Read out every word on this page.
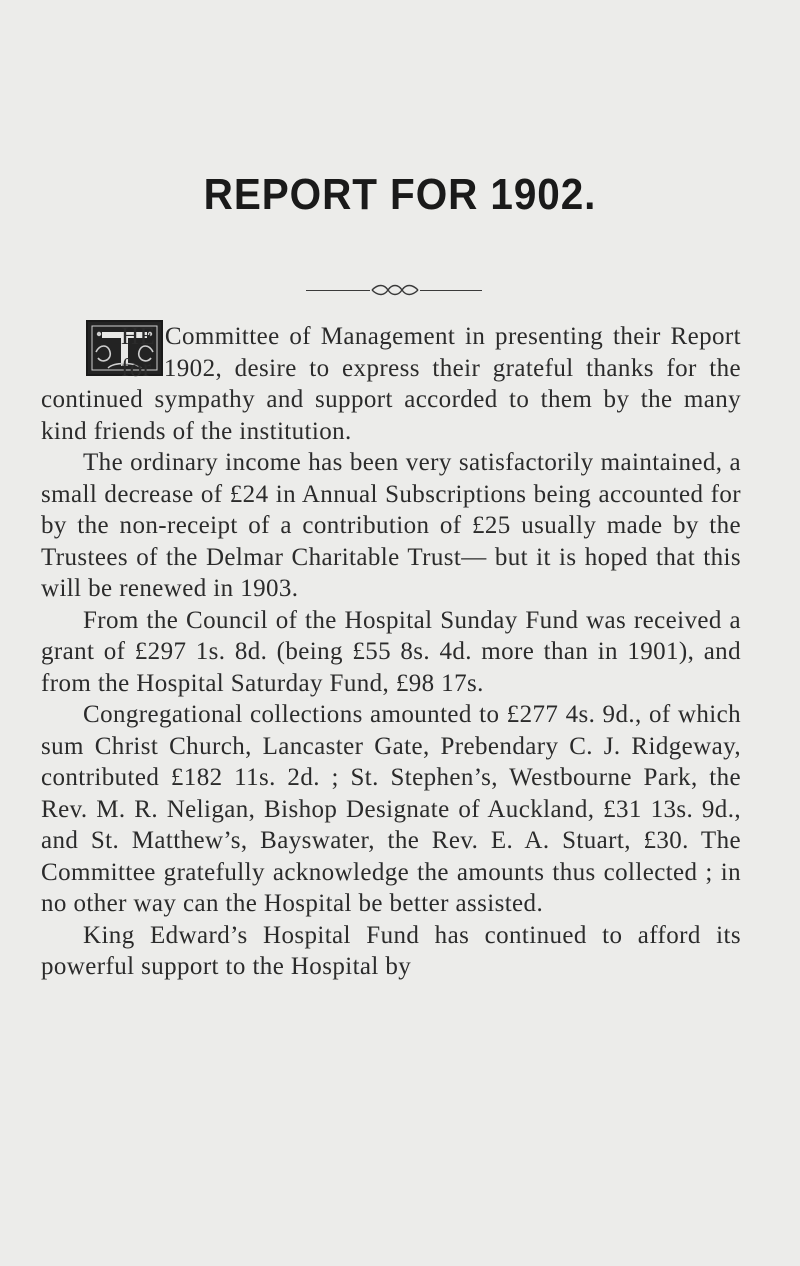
REPORT FOR 1902.

HE Committee of Management in presenting their Report for 1902, desire to express their grateful thanks for the continued sympathy and support accorded to them by the many kind friends of the institution.

The ordinary income has been very satisfactorily maintained, a small decrease of £24 in Annual Subscriptions being accounted for by the non-receipt of a contribution of £25 usually made by the Trustees of the Delmar Charitable Trust— but it is hoped that this will be renewed in 1903.

From the Council of the Hospital Sunday Fund was received a grant of £297 1s. 8d. (being £55 8s. 4d. more than in 1901), and from the Hospital Saturday Fund, £98 17s.

Congregational collections amounted to £277 4s. 9d., of which sum Christ Church, Lancaster Gate, Prebendary C. J. Ridgeway, contributed £182 11s. 2d. ; St. Stephen’s, Westbourne Park, the Rev. M. R. Neligan, Bishop Designate of Auckland, £31 13s. 9d., and St. Matthew’s, Bayswater, the Rev. E. A. Stuart, £30. The Committee gratefully acknowledge the amounts thus collected ; in no other way can the Hospital be better assisted.

King Edward’s Hospital Fund has continued to afford its powerful support to the Hospital by
